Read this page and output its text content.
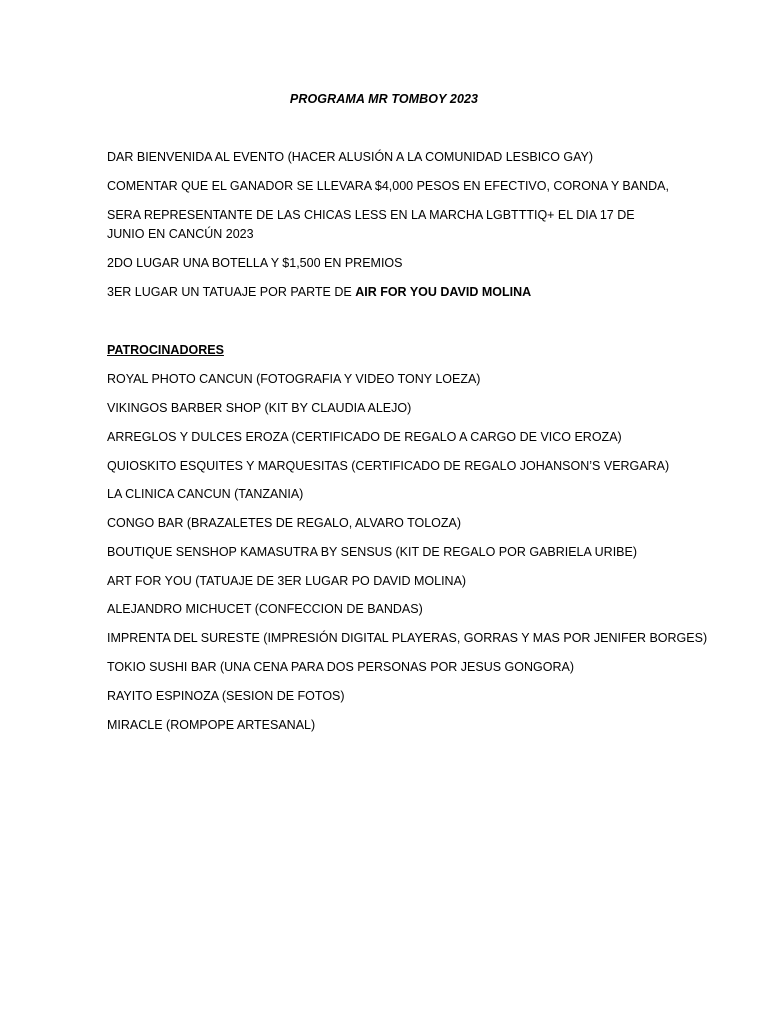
PROGRAMA MR TOMBOY 2023
DAR BIENVENIDA AL EVENTO (HACER ALUSIÓN A LA COMUNIDAD LESBICO GAY)
COMENTAR QUE EL GANADOR SE LLEVARA $4,000 PESOS EN EFECTIVO, CORONA Y BANDA,
SERA REPRESENTANTE DE LAS CHICAS LESS EN LA MARCHA LGBTTTIQ+ EL DIA 17 DE JUNIO EN CANCÚN 2023
2DO LUGAR UNA BOTELLA Y $1,500 EN PREMIOS
3ER LUGAR UN TATUAJE POR PARTE DE AIR FOR YOU DAVID MOLINA
PATROCINADORES
ROYAL PHOTO CANCUN (FOTOGRAFIA Y VIDEO TONY LOEZA)
VIKINGOS BARBER SHOP (KIT BY CLAUDIA ALEJO)
ARREGLOS Y DULCES EROZA (CERTIFICADO DE REGALO A CARGO DE VICO EROZA)
QUIOSKITO ESQUITES Y MARQUESITAS (CERTIFICADO DE REGALO JOHANSON’S VERGARA)
LA CLINICA CANCUN (TANZANIA)
CONGO BAR (BRAZALETES DE REGALO, ALVARO TOLOZA)
BOUTIQUE SENSHOP KAMASUTRA BY SENSUS (KIT DE REGALO POR GABRIELA URIBE)
ART FOR YOU (TATUAJE DE 3ER LUGAR PO DAVID MOLINA)
ALEJANDRO MICHUCET (CONFECCION DE BANDAS)
IMPRENTA DEL SURESTE (IMPRESIÓN DIGITAL PLAYERAS, GORRAS Y MAS POR JENIFER BORGES)
TOKIO SUSHI BAR (UNA CENA PARA DOS PERSONAS POR JESUS GONGORA)
RAYITO ESPINOZA (SESION DE FOTOS)
MIRACLE (ROMPOPE ARTESANAL)
